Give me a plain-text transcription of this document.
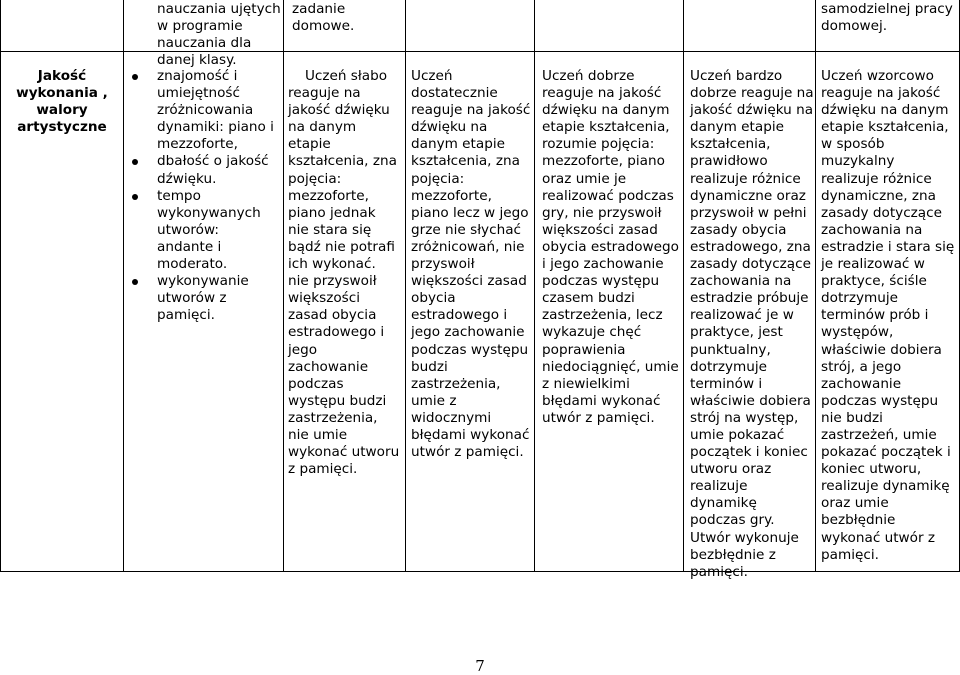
Jakość
wykonania ,
walory
artystyczne
nauczania ujętych
w programie
nauczania dla
danej klasy.
znajomość i
umiejętność
zróżnicowania
dynamiki: piano i
mezzoforte,
dbałość o jakość
dźwięku.
tempo
wykonywanych
utworów:
andante i
moderato.
wykonywanie
utworów z
pamięci.
zadanie
domowe.
Uczeń słabo
reaguje na
jakość dźwięku
na danym
etapie
kształcenia, zna
pojęcia:
mezzoforte,
piano jednak
nie stara się
bądź nie potrafi
ich wykonać.
nie przyswoił
większości
zasad obycia
estradowego i
jego
zachowanie
podczas
występu budzi
zastrzeżenia,
nie umie
wykonać utworu
z pamięci.
Uczeń
dostatecznie
reaguje na jakość
dźwięku na
danym etapie
kształcenia, zna
pojęcia:
mezzoforte,
piano lecz w jego
grze nie słychać
zróżnicowań, nie
przyswoił
większości zasad
obycia
estradowego i
jego zachowanie
podczas występu
budzi
zastrzeżenia,
umie z
widocznymi
błędami wykonać
utwór z pamięci.
Uczeń dobrze
reaguje na jakość
dźwięku na danym
etapie kształcenia,
rozumie pojęcia:
mezzoforte, piano
oraz umie je
realizować podczas
gry, nie przyswoił
większości zasad
obycia estradowego
i jego zachowanie
podczas występu
czasem budzi
zastrzeżenia, lecz
wykazuje chęć
poprawienia
niedociągnięć, umie
z niewielkimi
błędami wykonać
utwór z pamięci.
Uczeń bardzo
dobrze reaguje na
jakość dźwięku na
danym etapie
kształcenia,
prawidłowo
realizuje różnice
dynamiczne oraz
przyswoił w pełni
zasady obycia
estradowego, zna
zasady dotyczące
zachowania na
estradzie próbuje
realizować je w
praktyce, jest
punktualny,
dotrzymuje
terminów i
właściwie dobiera
strój na występ,
umie pokazać
początek i koniec
utworu oraz
realizuje
dynamikę
podczas gry.
Utwór wykonuje
bezbłędnie z
pamięci.
samodzielnej pracy
domowej.
Uczeń wzorcowo
reaguje na jakość
dźwięku na danym
etapie kształcenia,
w sposób
muzykalny
realizuje różnice
dynamiczne, zna
zasady dotyczące
zachowania na
estradzie i stara się
je realizować w
praktyce, ściśle
dotrzymuje
terminów prób i
występów,
właściwie dobiera
strój, a jego
zachowanie
podczas występu
nie budzi
zastrzeżeń, umie
pokazać początek i
koniec utworu,
realizuje dynamikę
oraz umie
bezbłędnie
wykonać utwór z
pamięci.
7
